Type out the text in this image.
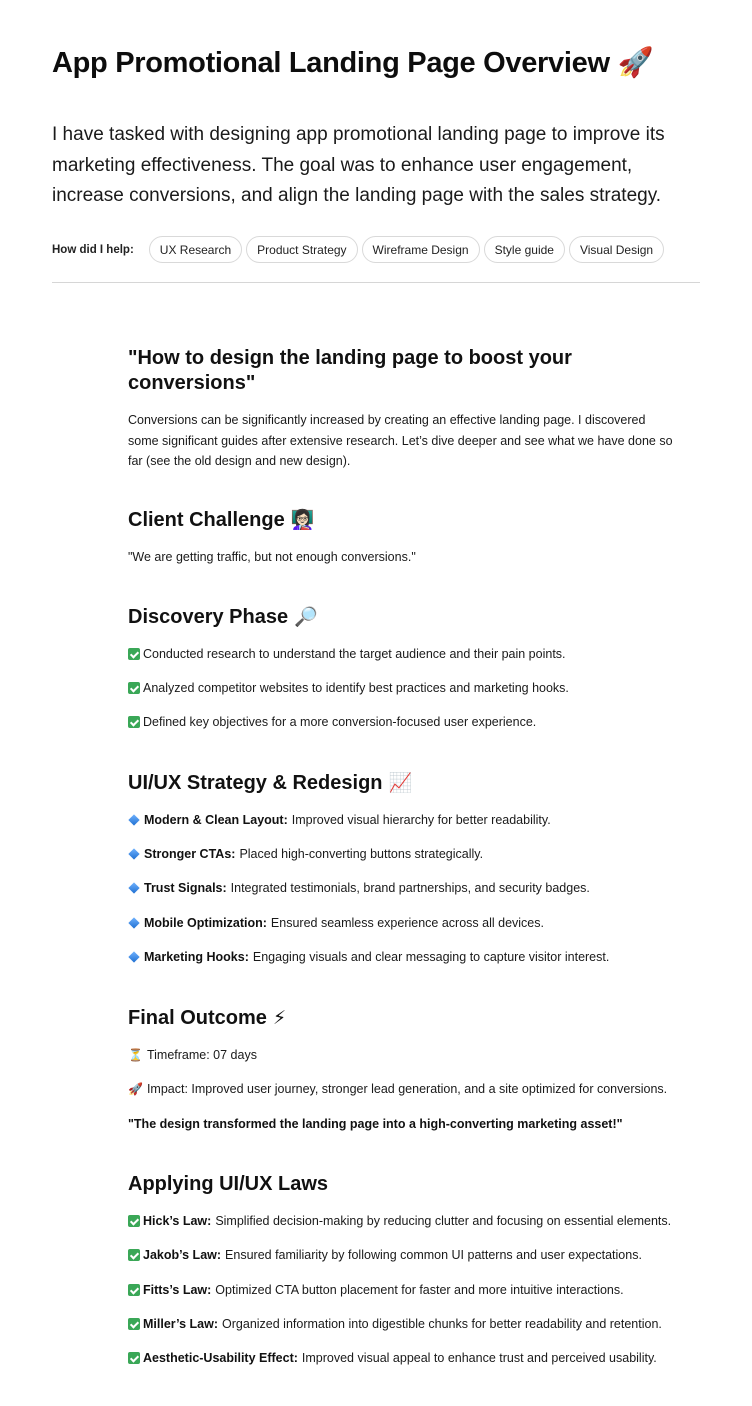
App Promotional Landing Page Overview 🚀

I have tasked with designing app promotional landing page to improve its marketing effectiveness. The goal was to enhance user engagement, increase conversions, and align the landing page with the sales strategy.

How did I help:	UX Research	Product Strategy	Wireframe Design	Style guide	Visual Design
"How to design the landing page to boost your conversions"

Conversions can be significantly increased by creating an effective landing page. I discovered some significant guides after extensive research. Let’s dive deeper and see what we have done so far (see the old design and new design).

Client Challenge 👩🏻‍🏫

"We are getting traffic, but not enough conversions."

Discovery Phase 🔎

Conducted research to understand the target audience and their pain points.

Analyzed competitor websites to identify best practices and marketing hooks.

Defined key objectives for a more conversion-focused user experience.

UI/UX Strategy & Redesign 📈

Modern & Clean Layout: Improved visual hierarchy for better readability.

Stronger CTAs: Placed high-converting buttons strategically.

Trust Signals: Integrated testimonials, brand partnerships, and security badges.

Mobile Optimization: Ensured seamless experience across all devices.

Marketing Hooks: Engaging visuals and clear messaging to capture visitor interest.

Final Outcome ⚡

⏳ Timeframe: 07 days

🚀 Impact: Improved user journey, stronger lead generation, and a site optimized for conversions.

"The design transformed the landing page into a high-converting marketing asset!"

Applying UI/UX Laws

Hick’s Law: Simplified decision-making by reducing clutter and focusing on essential elements.

Jakob’s Law: Ensured familiarity by following common UI patterns and user expectations.

Fitts’s Law: Optimized CTA button placement for faster and more intuitive interactions.

Miller’s Law: Organized information into digestible chunks for better readability and retention.

Aesthetic-Usability Effect: Improved visual appeal to enhance trust and perceived usability.
